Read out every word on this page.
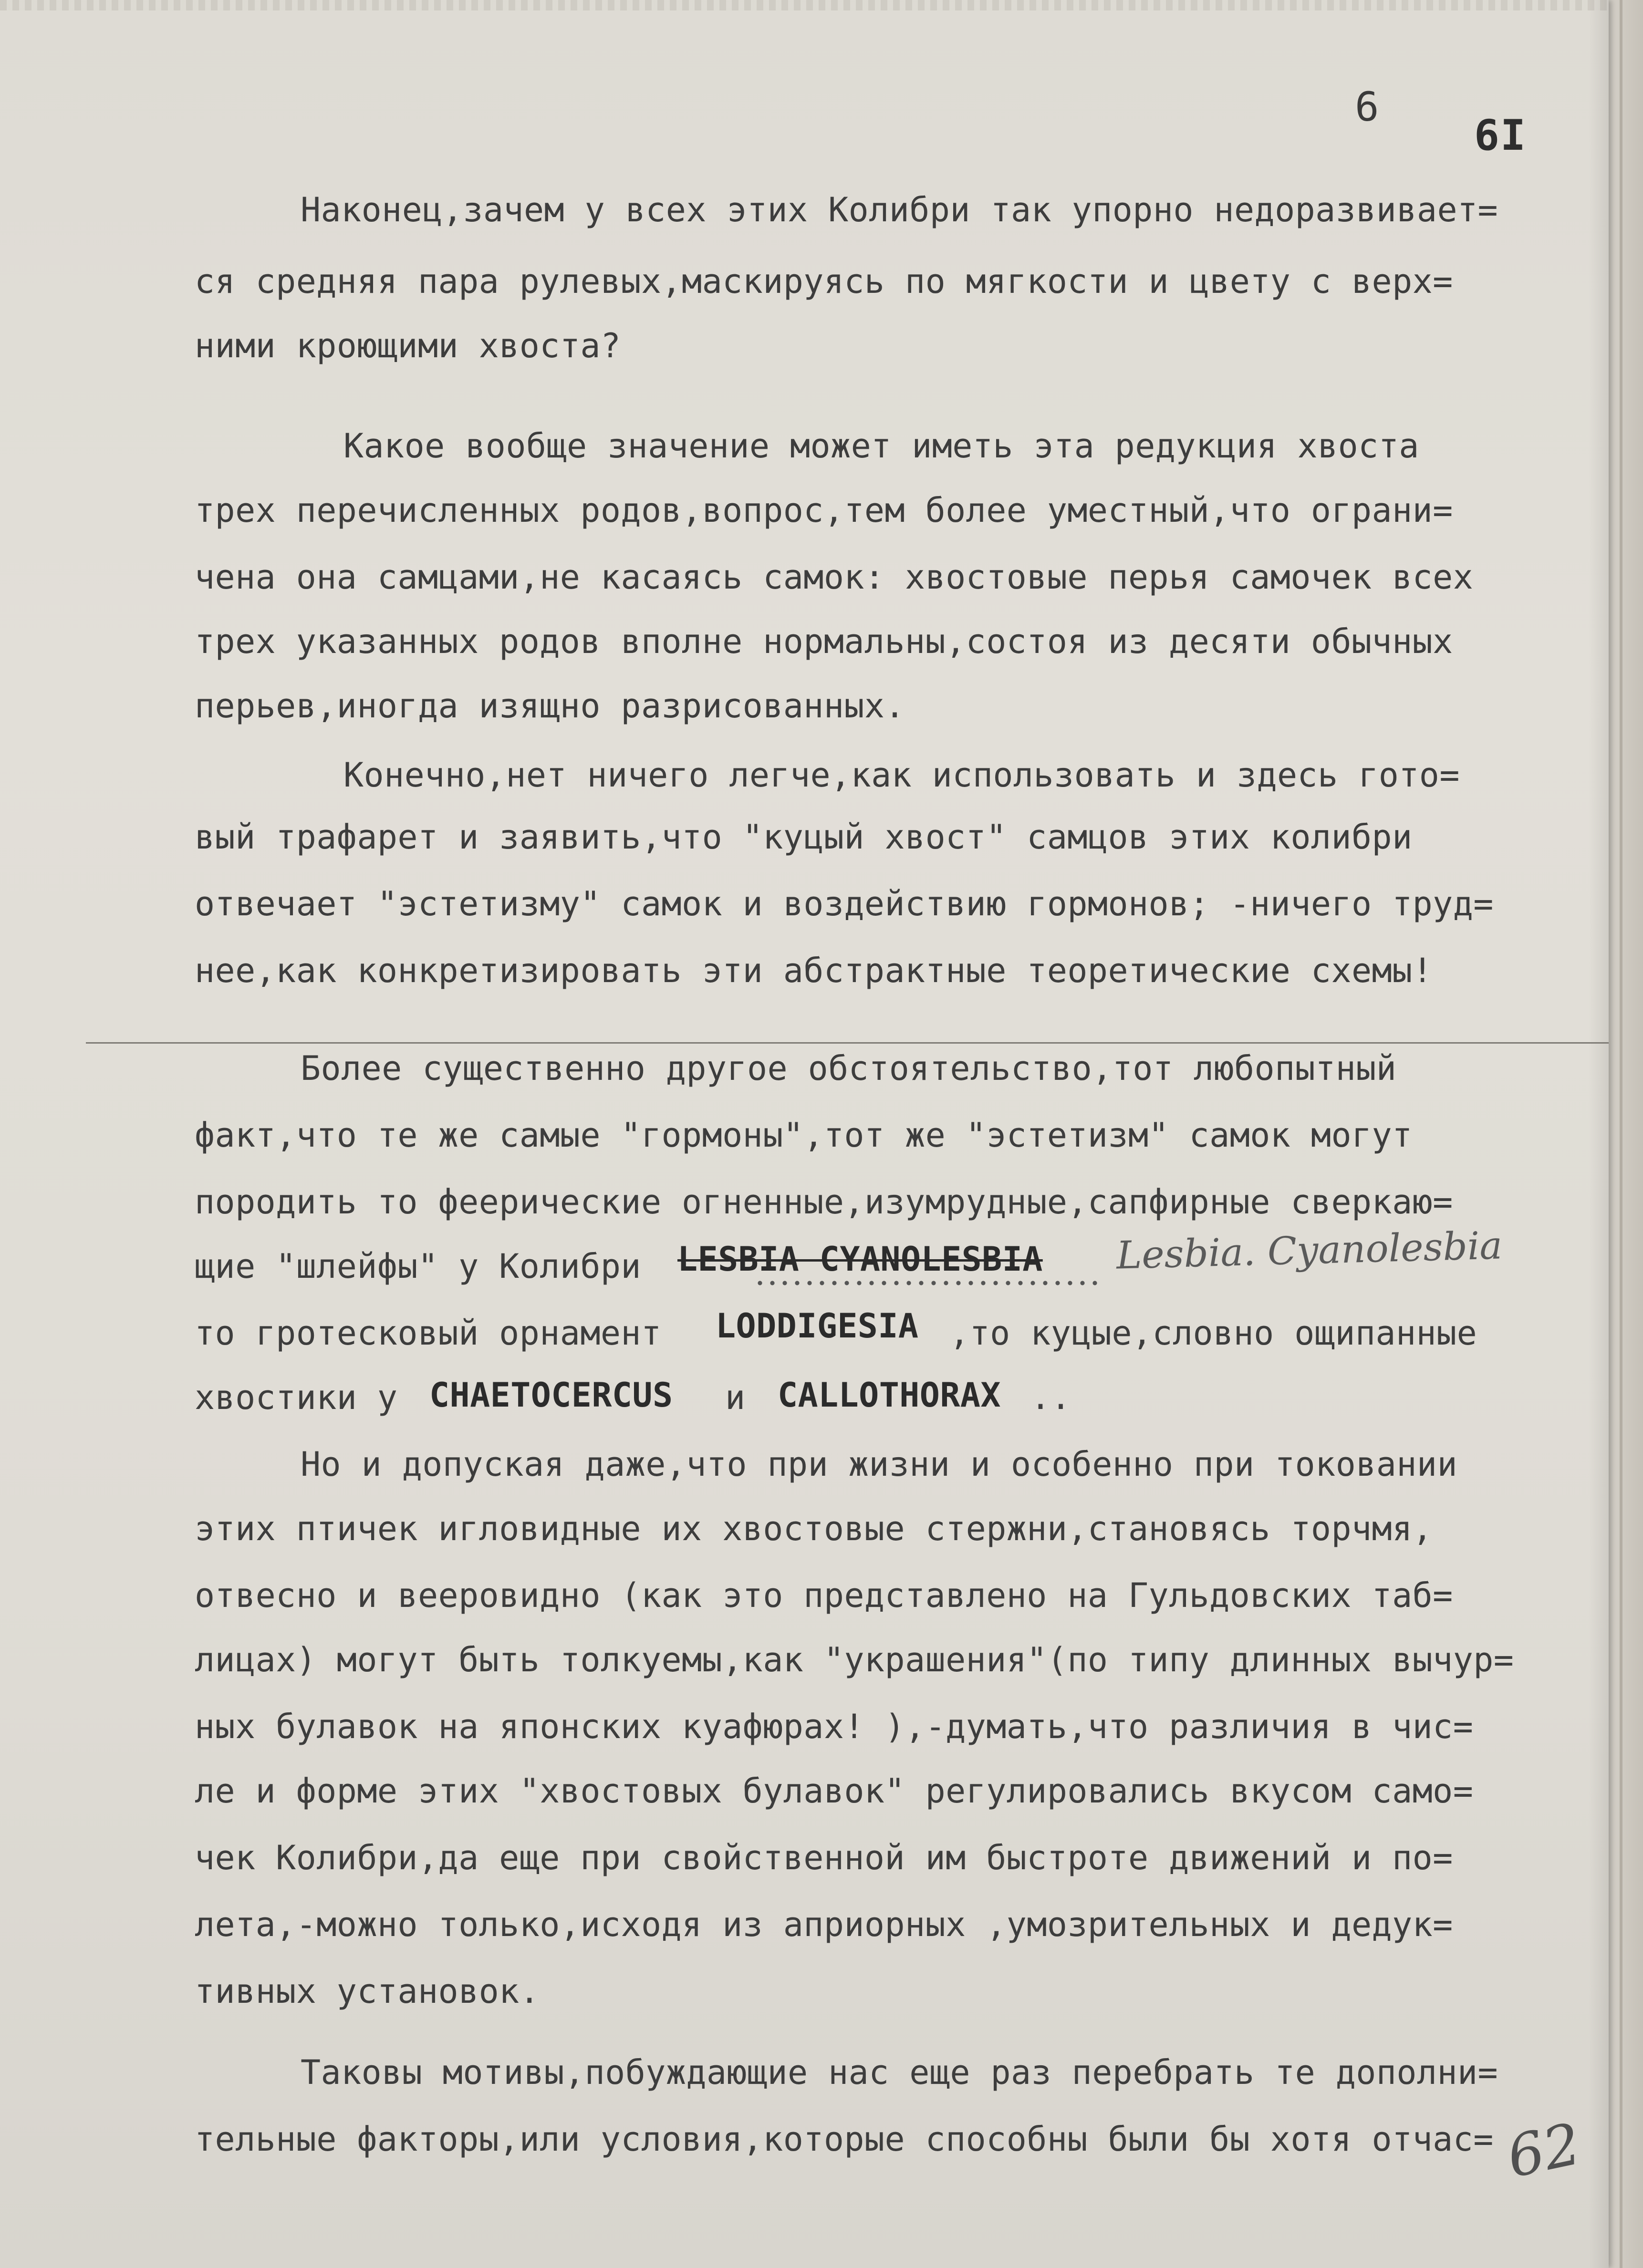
6
6I
Наконец,зачем у всех этих Колибри так упорно недоразвивает=
ся средняя пара рулевых,маскируясь по мягкости и цвету с верх=
ними кроющими хвоста?
Какое вообще значение может иметь эта редукция хвоста
трех перечисленных родов,вопрос,тем более уместный,что ограни=
чена она самцами,не касаясь самок: хвостовые перья самочек всех
трех указанных родов вполне нормальны,состоя из десяти обычных
перьев,иногда изящно разрисованных.
Конечно,нет ничего легче,как использовать и здесь гото=
вый трафарет и заявить,что "куцый хвост" самцов этих колибри
отвечает "эстетизму" самок и воздействию гормонов; -ничего труд=
нее,как конкретизировать эти абстрактные теоретические схемы!
Более существенно другое обстоятельство,тот любопытный
факт,что те же самые "гормоны",тот же "эстетизм" самок могут
породить то феерические огненные,изумрудные,сапфирные сверкаю=
щие "шлейфы" у Колибри LESBIA CYANOLESBIA
то гротесковый орнамент LODDIGESIA ,то куцые,словно ощипанные
хвостики у CHAETOCERCUS и CALLOTHORAX ..
Но и допуская даже,что при жизни и особенно при токовании
этих птичек игловидные их хвостовые стержни,становясь торчмя,
отвесно и веерoвидно (как это представлено на Гульдовских таб=
лицах) могут быть толкуемы,как "украшения"(по типу длинных вычур=
ных булавок на японских куафюрах! ),-думать,что различия в чис=
ле и форме этих "хвостовых булавок" регулировались вкусом само=
чек Колибри,да еще при свойственной им быстроте движений и по=
лета,-можно только,исходя из априорных ,умозрительных и дедук=
тивных установок.
Таковы мотивы,побуждающие нас еще раз перебрать те дополни=
тельные факторы,или условия,которые способны были бы хотя отчас=
Lesbia. Cyanolesbia
62
